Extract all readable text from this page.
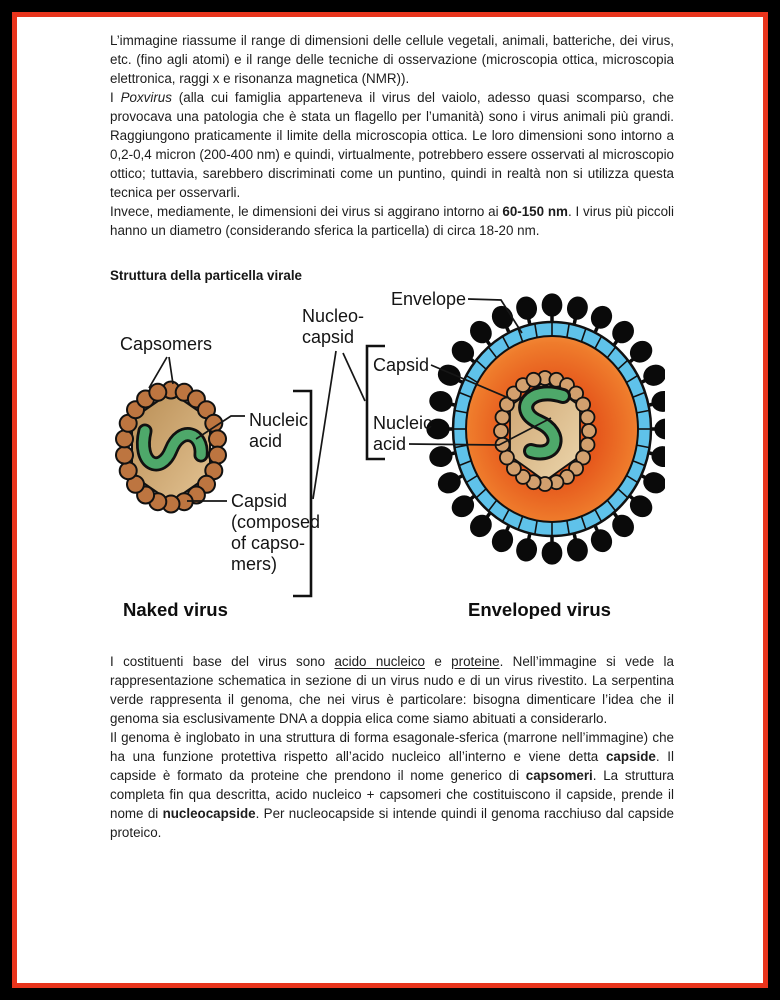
L’immagine riassume il range di dimensioni delle cellule vegetali, animali, batteriche, dei virus, etc. (fino agli atomi) e il range delle tecniche di osservazione (microscopia ottica, microscopia elettronica, raggi x e risonanza magnetica (NMR)).

I Poxvirus (alla cui famiglia apparteneva il virus del vaiolo, adesso quasi scomparso, che provocava una patologia che è stata un flagello per l’umanità) sono i virus animali più grandi. Raggiungono praticamente il limite della microscopia ottica. Le loro dimensioni sono intorno a 0,2-0,4 micron (200-400 nm) e quindi, virtualmente, potrebbero essere osservati al microscopio ottico; tuttavia, sarebbero discriminati come un puntino, quindi in realtà non si utilizza questa tecnica per osservarli.

Invece, mediamente, le dimensioni dei virus si aggirano intorno ai 60-150 nm. I virus più piccoli hanno un diametro (considerando sferica la particella) di circa 18-20 nm.

Struttura della particella virale
Capsomers
Nucleic
acid
Capsid
(composed
of capso-
mers)
Naked virus
Nucleo-
capsid
Envelope
Capsid
Nucleic
acid
Enveloped virus

I costituenti base del virus sono acido nucleico e proteine. Nell’immagine si vede la rappresentazione schematica in sezione di un virus nudo e di un virus rivestito. La serpentina verde rappresenta il genoma, che nei virus è particolare: bisogna dimenticare l’idea che il genoma sia esclusivamente DNA a doppia elica come siamo abituati a considerarlo.

Il genoma è inglobato in una struttura di forma esagonale-sferica (marrone nell’immagine) che ha una funzione protettiva rispetto all’acido nucleico all’interno e viene detta capside. Il capside è formato da proteine che prendono il nome generico di capsomeri. La struttura completa fin qua descritta, acido nucleico + capsomeri che costituiscono il capside, prende il nome di nucleocapside. Per nucleocapside si intende quindi il genoma racchiuso dal capside proteico.
